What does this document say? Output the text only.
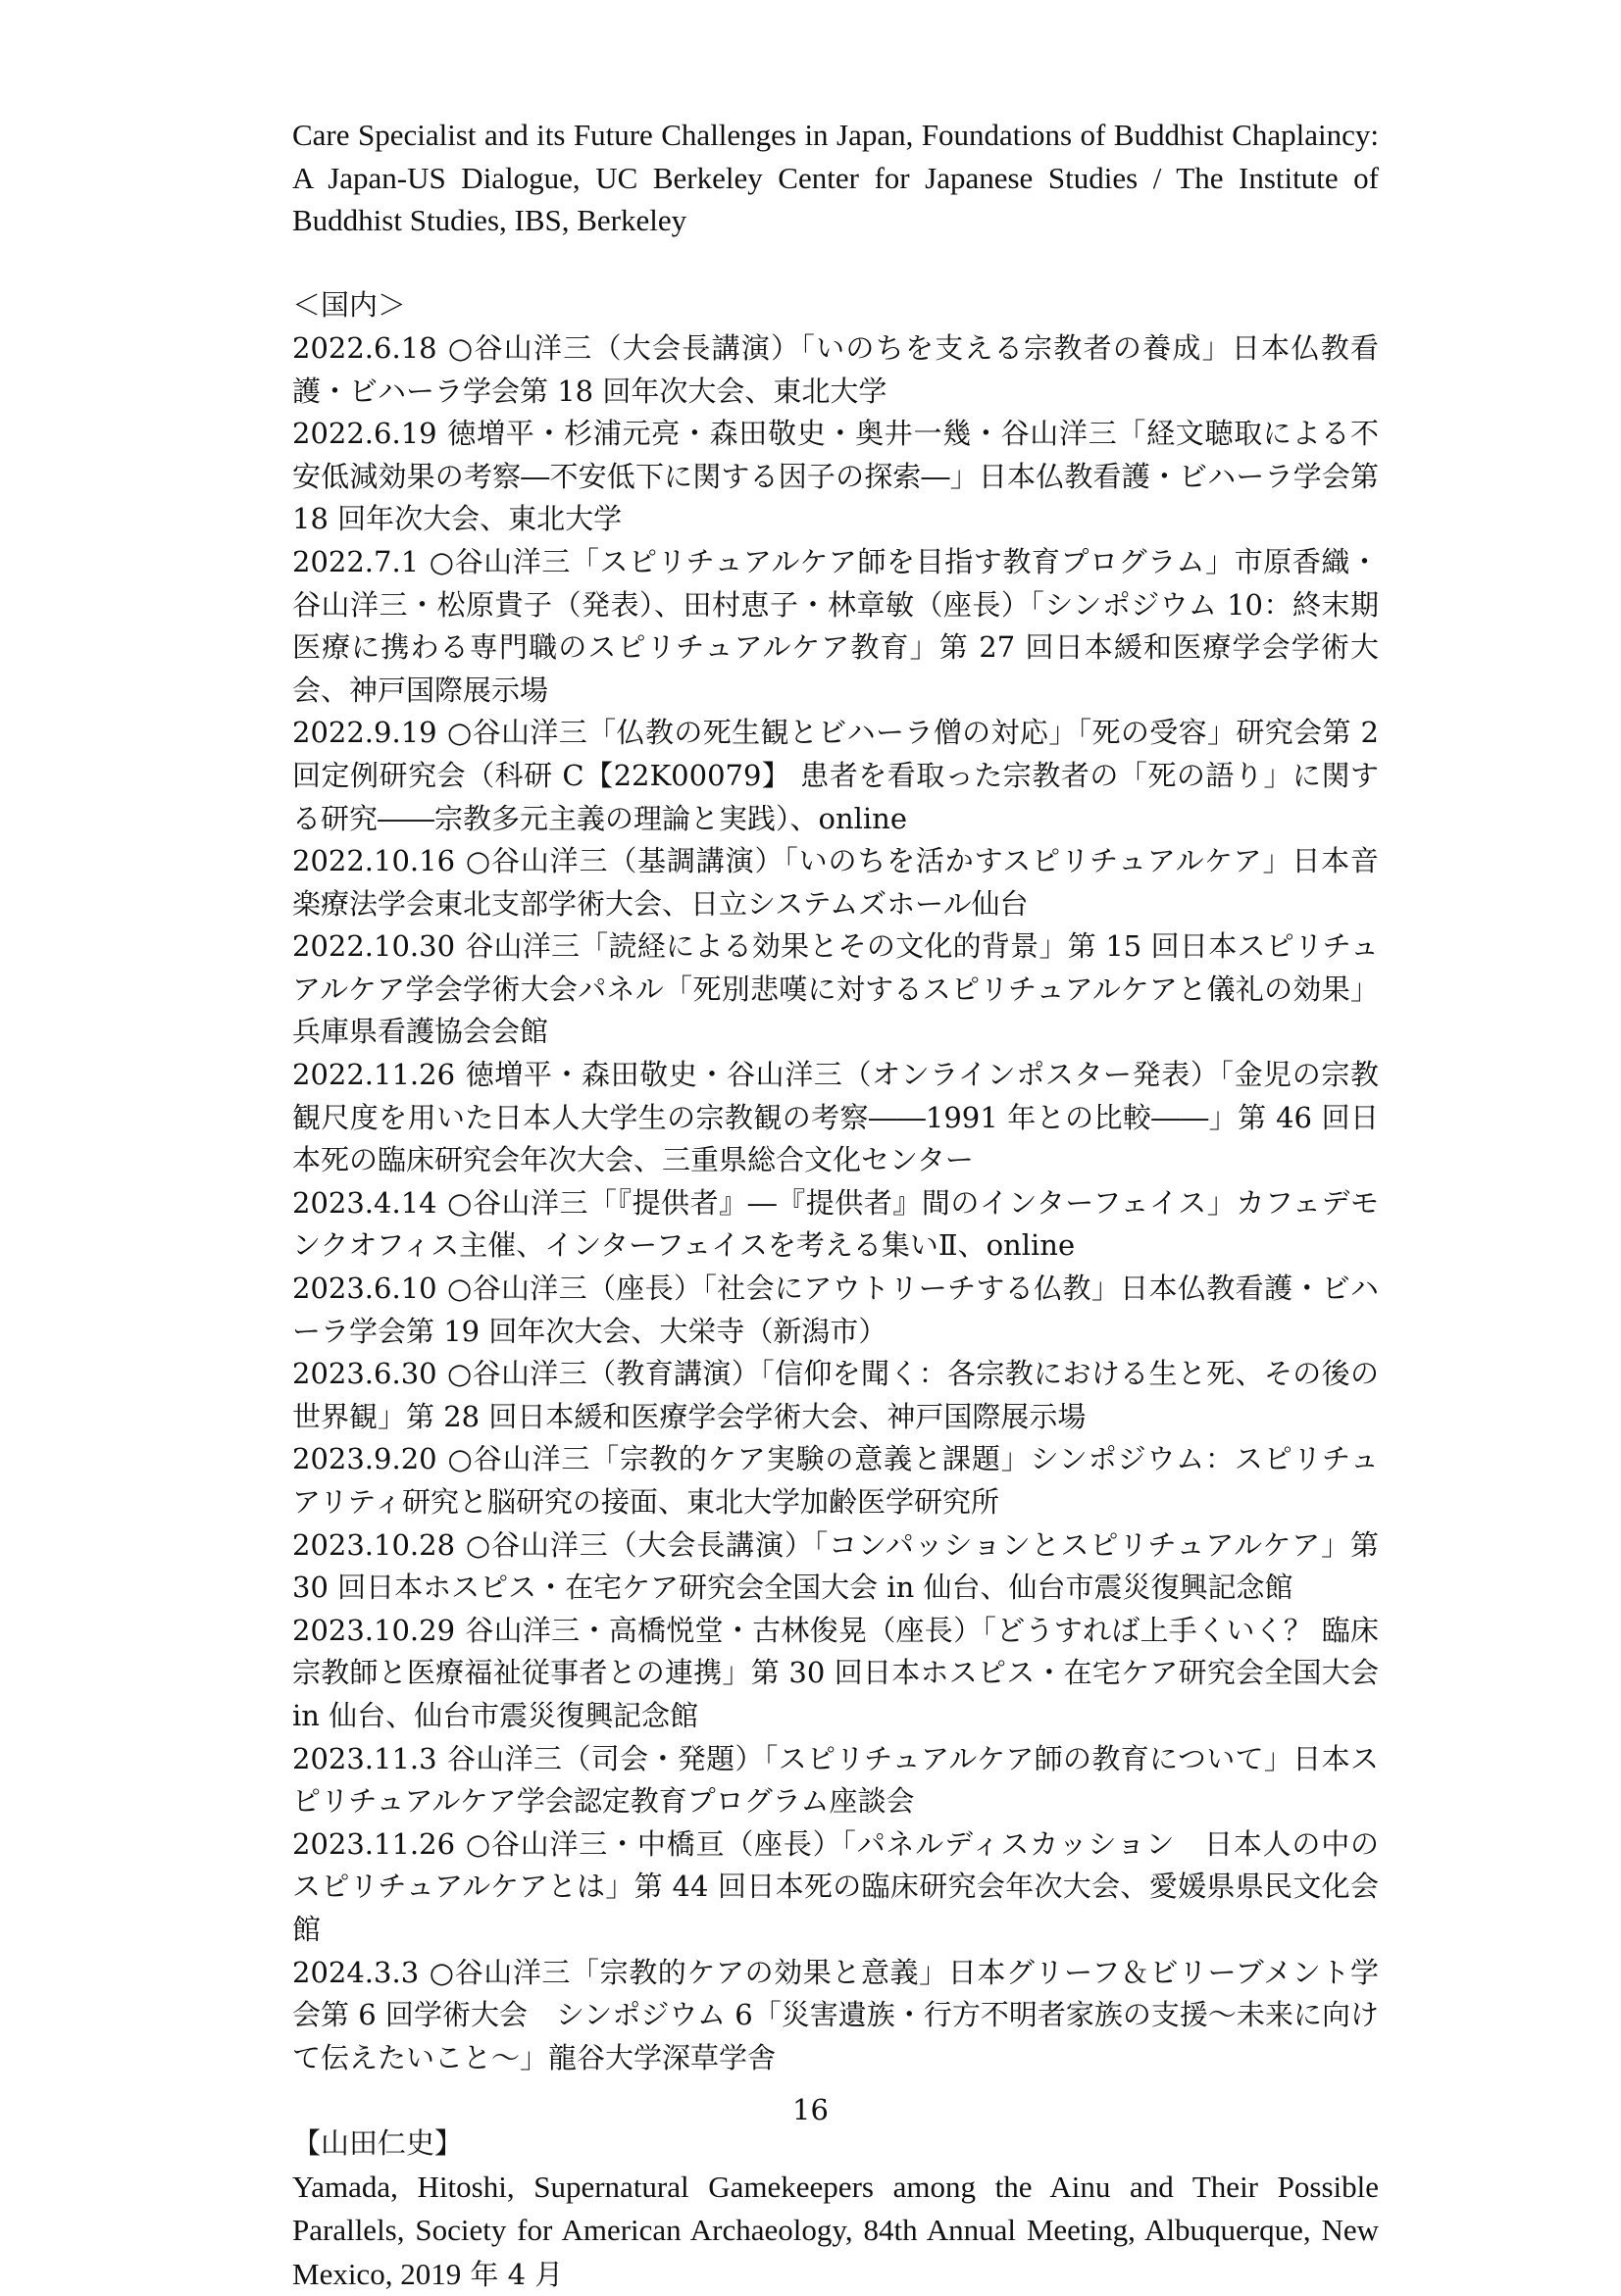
Care Specialist and its Future Challenges in Japan, Foundations of Buddhist Chaplaincy: A Japan-US Dialogue, UC Berkeley Center for Japanese Studies / The Institute of Buddhist Studies, IBS, Berkeley

＜国内＞

2022.6.18 ○谷山洋三（大会長講演）「いのちを支える宗教者の養成」日本仏教看護・ビハーラ学会第 18 回年次大会、東北大学

2022.6.19 徳増平・杉浦元亮・森田敬史・奥井一幾・谷山洋三「経文聴取による不安低減効果の考察―不安低下に関する因子の探索―」日本仏教看護・ビハーラ学会第 18 回年次大会、東北大学

2022.7.1 ○谷山洋三「スピリチュアルケア師を目指す教育プログラム」市原香織・谷山洋三・松原貴子（発表）、田村恵子・林章敏（座長）「シンポジウム 10：終末期医療に携わる専門職のスピリチュアルケア教育」第 27 回日本緩和医療学会学術大会、神戸国際展示場

2022.9.19 ○谷山洋三「仏教の死生観とビハーラ僧の対応」「死の受容」研究会第 2 回定例研究会（科研 C【22K00079】 患者を看取った宗教者の「死の語り」に関する研究――宗教多元主義の理論と実践）、online

2022.10.16 ○谷山洋三（基調講演）「いのちを活かすスピリチュアルケア」日本音楽療法学会東北支部学術大会、日立システムズホール仙台

2022.10.30 谷山洋三「読経による効果とその文化的背景」第 15 回日本スピリチュアルケア学会学術大会パネル「死別悲嘆に対するスピリチュアルケアと儀礼の効果」兵庫県看護協会会館

2022.11.26 徳増平・森田敬史・谷山洋三（オンラインポスター発表）「金児の宗教観尺度を用いた日本人大学生の宗教観の考察――1991 年との比較――」第 46 回日本死の臨床研究会年次大会、三重県総合文化センター

2023.4.14 ○谷山洋三「『提供者』―『提供者』間のインターフェイス」カフェデモンクオフィス主催、インターフェイスを考える集いⅡ、online

2023.6.10 ○谷山洋三（座長）「社会にアウトリーチする仏教」日本仏教看護・ビハーラ学会第 19 回年次大会、大栄寺（新潟市）

2023.6.30 ○谷山洋三（教育講演）「信仰を聞く：各宗教における生と死、その後の世界観」第 28 回日本緩和医療学会学術大会、神戸国際展示場

2023.9.20 ○谷山洋三「宗教的ケア実験の意義と課題」シンポジウム：スピリチュアリティ研究と脳研究の接面、東北大学加齢医学研究所

2023.10.28 ○谷山洋三（大会長講演）「コンパッションとスピリチュアルケア」第 30 回日本ホスピス・在宅ケア研究会全国大会 in 仙台、仙台市震災復興記念館

2023.10.29 谷山洋三・高橋悦堂・古林俊晃（座長）「どうすれば上手くいく？ 臨床宗教師と医療福祉従事者との連携」第 30 回日本ホスピス・在宅ケア研究会全国大会 in 仙台、仙台市震災復興記念館

2023.11.3 谷山洋三（司会・発題）「スピリチュアルケア師の教育について」日本スピリチュアルケア学会認定教育プログラム座談会

2023.11.26 ○谷山洋三・中橋亘（座長）「パネルディスカッション　日本人の中のスピリチュアルケアとは」第 44 回日本死の臨床研究会年次大会、愛媛県県民文化会館

2024.3.3 ○谷山洋三「宗教的ケアの効果と意義」日本グリーフ＆ビリーブメント学会第 6 回学術大会　シンポジウム 6「災害遺族・行方不明者家族の支援～未来に向けて伝えたいこと～」龍谷大学深草学舎

【山田仁史】

Yamada, Hitoshi, Supernatural Gamekeepers among the Ainu and Their Possible Parallels, Society for American Archaeology, 84th Annual Meeting, Albuquerque, New Mexico, 2019 年 4 月

16
